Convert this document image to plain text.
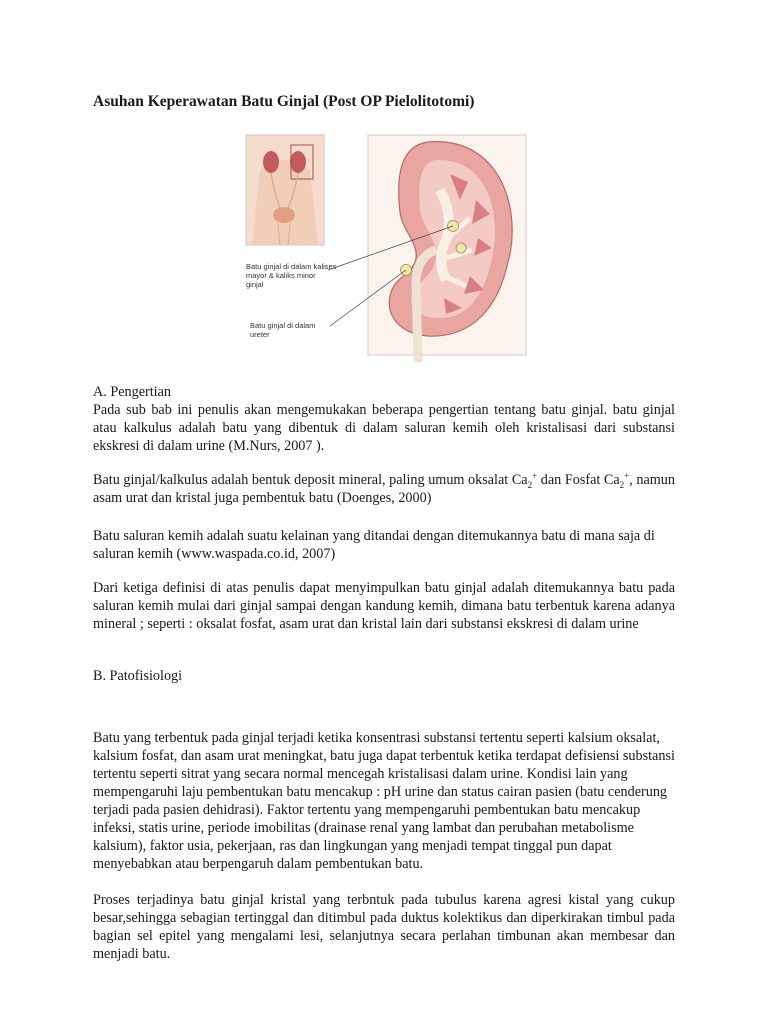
Asuhan Keperawatan Batu Ginjal (Post OP Pielolitotomi)
Batu ginjal di dalam kalises mayor & kaliks minor ginjal
Batu ginjal di dalam ureter
A. Pengertian
Pada sub bab ini penulis akan mengemukakan beberapa pengertian tentang batu ginjal. batu ginjal atau kalkulus adalah batu yang dibentuk di dalam saluran kemih oleh kristalisasi dari substansi ekskresi di dalam urine (M.Nurs, 2007 ).
Batu ginjal/kalkulus adalah bentuk deposit mineral, paling umum oksalat $Ca_2^+$ dan Fosfat $Ca_2^+$, namun asam urat dan kristal juga pembentuk batu (Doenges, 2000)
Batu saluran kemih adalah suatu kelainan yang ditandai dengan ditemukannya batu di mana saja di saluran kemih (www.waspada.co.id, 2007)
Dari ketiga definisi di atas penulis dapat menyimpulkan batu ginjal adalah ditemukannya batu pada saluran kemih mulai dari ginjal sampai dengan kandung kemih, dimana batu terbentuk karena adanya mineral ; seperti : oksalat fosfat, asam urat dan kristal lain dari substansi ekskresi di dalam urine
B. Patofisiologi
Batu yang terbentuk pada ginjal terjadi ketika konsentrasi substansi tertentu seperti kalsium oksalat, kalsium fosfat, dan asam urat meningkat, batu juga dapat terbentuk ketika terdapat defisiensi substansi tertentu seperti sitrat yang secara normal mencegah kristalisasi dalam urine. Kondisi lain yang mempengaruhi laju pembentukan batu mencakup : pH urine dan status cairan pasien (batu cenderung terjadi pada pasien dehidrasi). Faktor tertentu yang mempengaruhi pembentukan batu mencakup infeksi, statis urine, periode imobilitas (drainase renal yang lambat dan perubahan metabolisme kalsium), faktor usia, pekerjaan, ras dan lingkungan yang menjadi tempat tinggal pun dapat menyebabkan atau berpengaruh dalam pembentukan batu.
Proses terjadinya batu ginjal kristal yang terbntuk pada tubulus karena agresi kistal yang cukup besar,sehingga sebagian tertinggal dan ditimbul pada duktus kolektikus dan diperkirakan timbul pada bagian sel epitel yang mengalami lesi, selanjutnya secara perlahan timbunan akan membesar dan menjadi batu.
